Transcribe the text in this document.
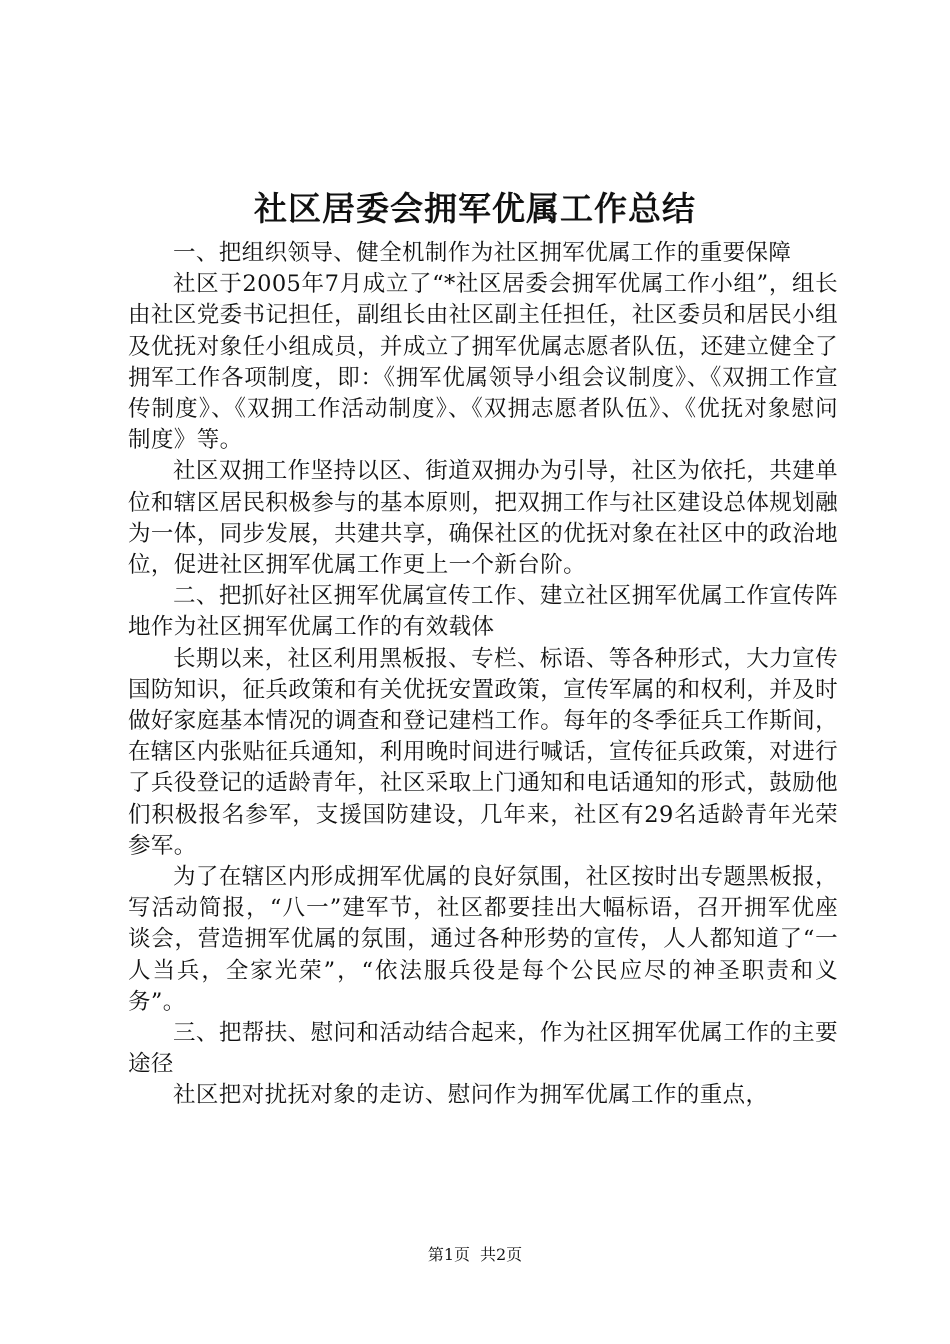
社区居委会拥军优属工作总结

一、把组织领导、健全机制作为社区拥军优属工作的重要保障

社区于2005年7月成立了“*社区居委会拥军优属工作小组”，组长由社区党委书记担任，副组长由社区副主任担任，社区委员和居民小组及优抚对象任小组成员，并成立了拥军优属志愿者队伍，还建立健全了拥军工作各项制度，即：《拥军优属领导小组会议制度》、《双拥工作宣传制度》、《双拥工作活动制度》、《双拥志愿者队伍》、《优抚对象慰问制度》等。

社区双拥工作坚持以区、街道双拥办为引导，社区为依托，共建单位和辖区居民积极参与的基本原则，把双拥工作与社区建设总体规划融为一体，同步发展，共建共享，确保社区的优抚对象在社区中的政治地位，促进社区拥军优属工作更上一个新台阶。

二、把抓好社区拥军优属宣传工作、建立社区拥军优属工作宣传阵地作为社区拥军优属工作的有效载体

长期以来，社区利用黑板报、专栏、标语、等各种形式，大力宣传国防知识，征兵政策和有关优抚安置政策，宣传军属的和权利，并及时做好家庭基本情况的调查和登记建档工作。每年的冬季征兵工作斯间，在辖区内张贴征兵通知，利用晚时间进行喊话，宣传征兵政策，对进行了兵役登记的适龄青年，社区采取上门通知和电话通知的形式，鼓励他们积极报名参军，支援国防建设，几年来，社区有29名适龄青年光荣参军。

为了在辖区内形成拥军优属的良好氛围，社区按时出专题黑板报，写活动简报，“八一”建军节，社区都要挂出大幅标语，召开拥军优座谈会，营造拥军优属的氛围，通过各种形势的宣传，人人都知道了“一人当兵，全家光荣”，“依法服兵役是每个公民应尽的神圣职责和义务”。

三、把帮扶、慰问和活动结合起来，作为社区拥军优属工作的主要途径

社区把对扰抚对象的走访、慰问作为拥军优属工作的重点，

第1页 共2页
